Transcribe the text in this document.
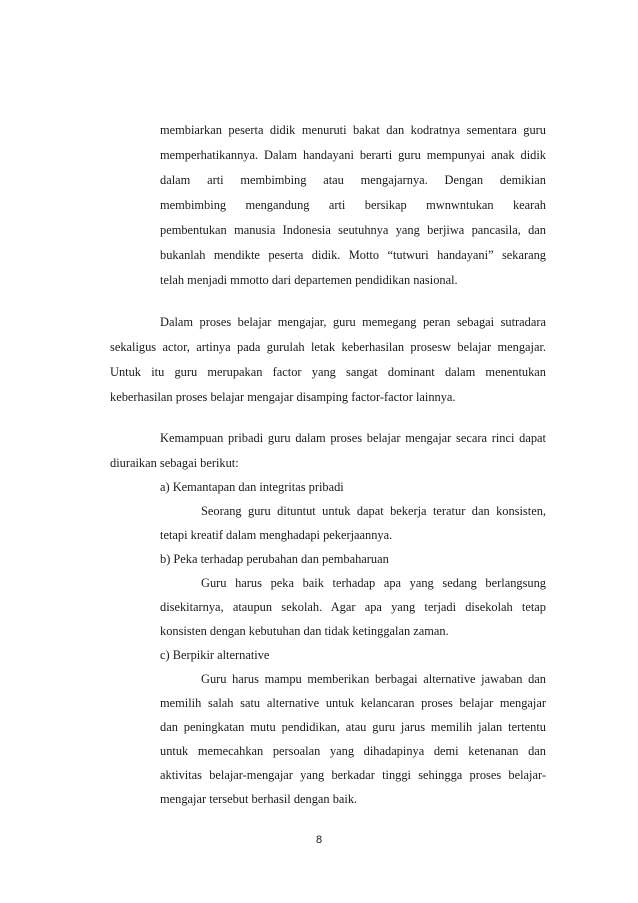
membiarkan peserta didik menuruti bakat dan kodratnya sementara guru
memperhatikannya. Dalam handayani berarti guru mempunyai anak didik
dalam arti membimbing atau mengajarnya. Dengan demikian
membimbing mengandung arti bersikap mwnwntukan kearah
pembentukan manusia Indonesia seutuhnya yang berjiwa pancasila, dan
bukanlah mendikte peserta didik. Motto “tutwuri handayani” sekarang
telah menjadi mmotto dari departemen pendidikan nasional.
Dalam proses belajar mengajar, guru memegang peran sebagai sutradara
sekaligus actor, artinya pada gurulah letak keberhasilan prosesw belajar mengajar.
Untuk itu guru merupakan factor yang sangat dominant dalam menentukan
keberhasilan proses belajar mengajar disamping factor-factor lainnya.
Kemampuan pribadi guru dalam proses belajar mengajar secara rinci dapat
diuraikan sebagai berikut:
a) Kemantapan dan integritas pribadi
Seorang guru dituntut untuk dapat bekerja teratur dan konsisten,
tetapi kreatif dalam menghadapi pekerjaannya.
b) Peka terhadap perubahan dan pembaharuan
Guru harus peka baik terhadap apa yang sedang berlangsung
disekitarnya, ataupun sekolah. Agar apa yang terjadi disekolah tetap
konsisten dengan kebutuhan dan tidak ketinggalan zaman.
c) Berpikir alternative
Guru harus mampu memberikan berbagai alternative jawaban dan
memilih salah satu alternative untuk kelancaran proses belajar mengajar
dan peningkatan mutu pendidikan, atau guru jarus memilih jalan tertentu
untuk memecahkan persoalan yang dihadapinya demi ketenanan dan
aktivitas belajar-mengajar yang berkadar tinggi sehingga proses belajar-
mengajar tersebut berhasil dengan baik.
8
